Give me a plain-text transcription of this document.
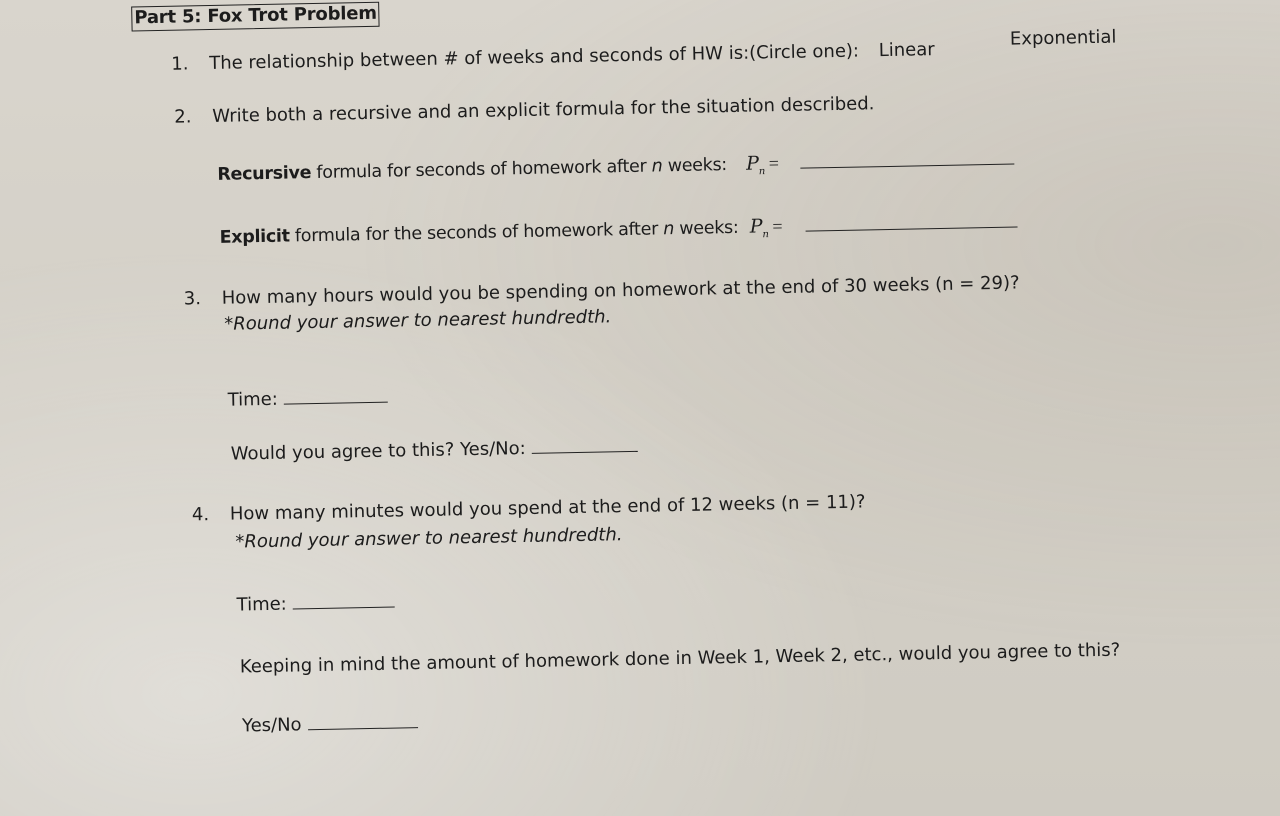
Part 5: Fox Trot Problem
1. The relationship between # of weeks and seconds of HW is:(Circle one): Linear
Exponential
2. Write both a recursive and an explicit formula for the situation described.
Recursive formula for seconds of homework after n weeks: $P_n$ =
Explicit formula for the seconds of homework after n weeks: $P_n$ =
3. How many hours would you be spending on homework at the end of 30 weeks (n = 29)?
*Round your answer to nearest hundredth.
Time:
Would you agree to this? Yes/No:
4. How many minutes would you spend at the end of 12 weeks (n = 11)?
*Round your answer to nearest hundredth.
Time:
Keeping in mind the amount of homework done in Week 1, Week 2, etc., would you agree to this?
Yes/No
